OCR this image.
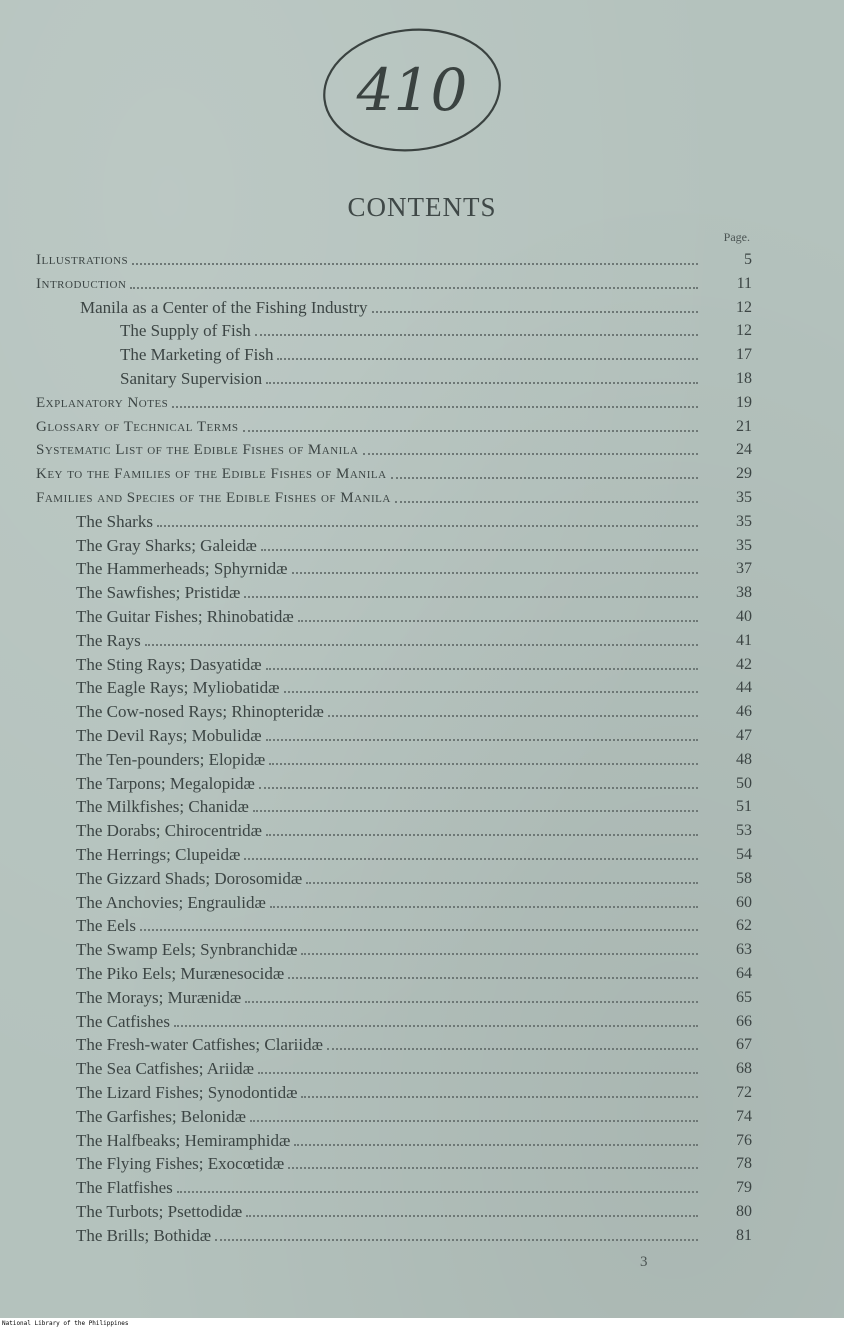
410
CONTENTS
Page.
Illustrations	5
Introduction	11
Manila as a Center of the Fishing Industry	12
The Supply of Fish	12
The Marketing of Fish	17
Sanitary Supervision	18
Explanatory Notes	19
Glossary of Technical Terms	21
Systematic List of the Edible Fishes of Manila	24
Key to the Families of the Edible Fishes of Manila	29
Families and Species of the Edible Fishes of Manila	35
The Sharks	35
The Gray Sharks; Galeidæ	35
The Hammerheads; Sphyrnidæ	37
The Sawfishes; Pristidæ	38
The Guitar Fishes; Rhinobatidæ	40
The Rays	41
The Sting Rays; Dasyatidæ	42
The Eagle Rays; Myliobatidæ	44
The Cow-nosed Rays; Rhinopteridæ	46
The Devil Rays; Mobulidæ	47
The Ten-pounders; Elopidæ	48
The Tarpons; Megalopidæ	50
The Milkfishes; Chanidæ	51
The Dorabs; Chirocentridæ	53
The Herrings; Clupeidæ	54
The Gizzard Shads; Dorosomidæ	58
The Anchovies; Engraulidæ	60
The Eels	62
The Swamp Eels; Synbranchidæ	63
The Piko Eels; Murænesocidæ	64
The Morays; Murænidæ	65
The Catfishes	66
The Fresh-water Catfishes; Clariidæ	67
The Sea Catfishes; Ariidæ	68
The Lizard Fishes; Synodontidæ	72
The Garfishes; Belonidæ	74
The Halfbeaks; Hemiramphidæ	76
The Flying Fishes; Exocœtidæ	78
The Flatfishes	79
The Turbots; Psettodidæ	80
The Brills; Bothidæ	81
3
National Library of the Philippines
